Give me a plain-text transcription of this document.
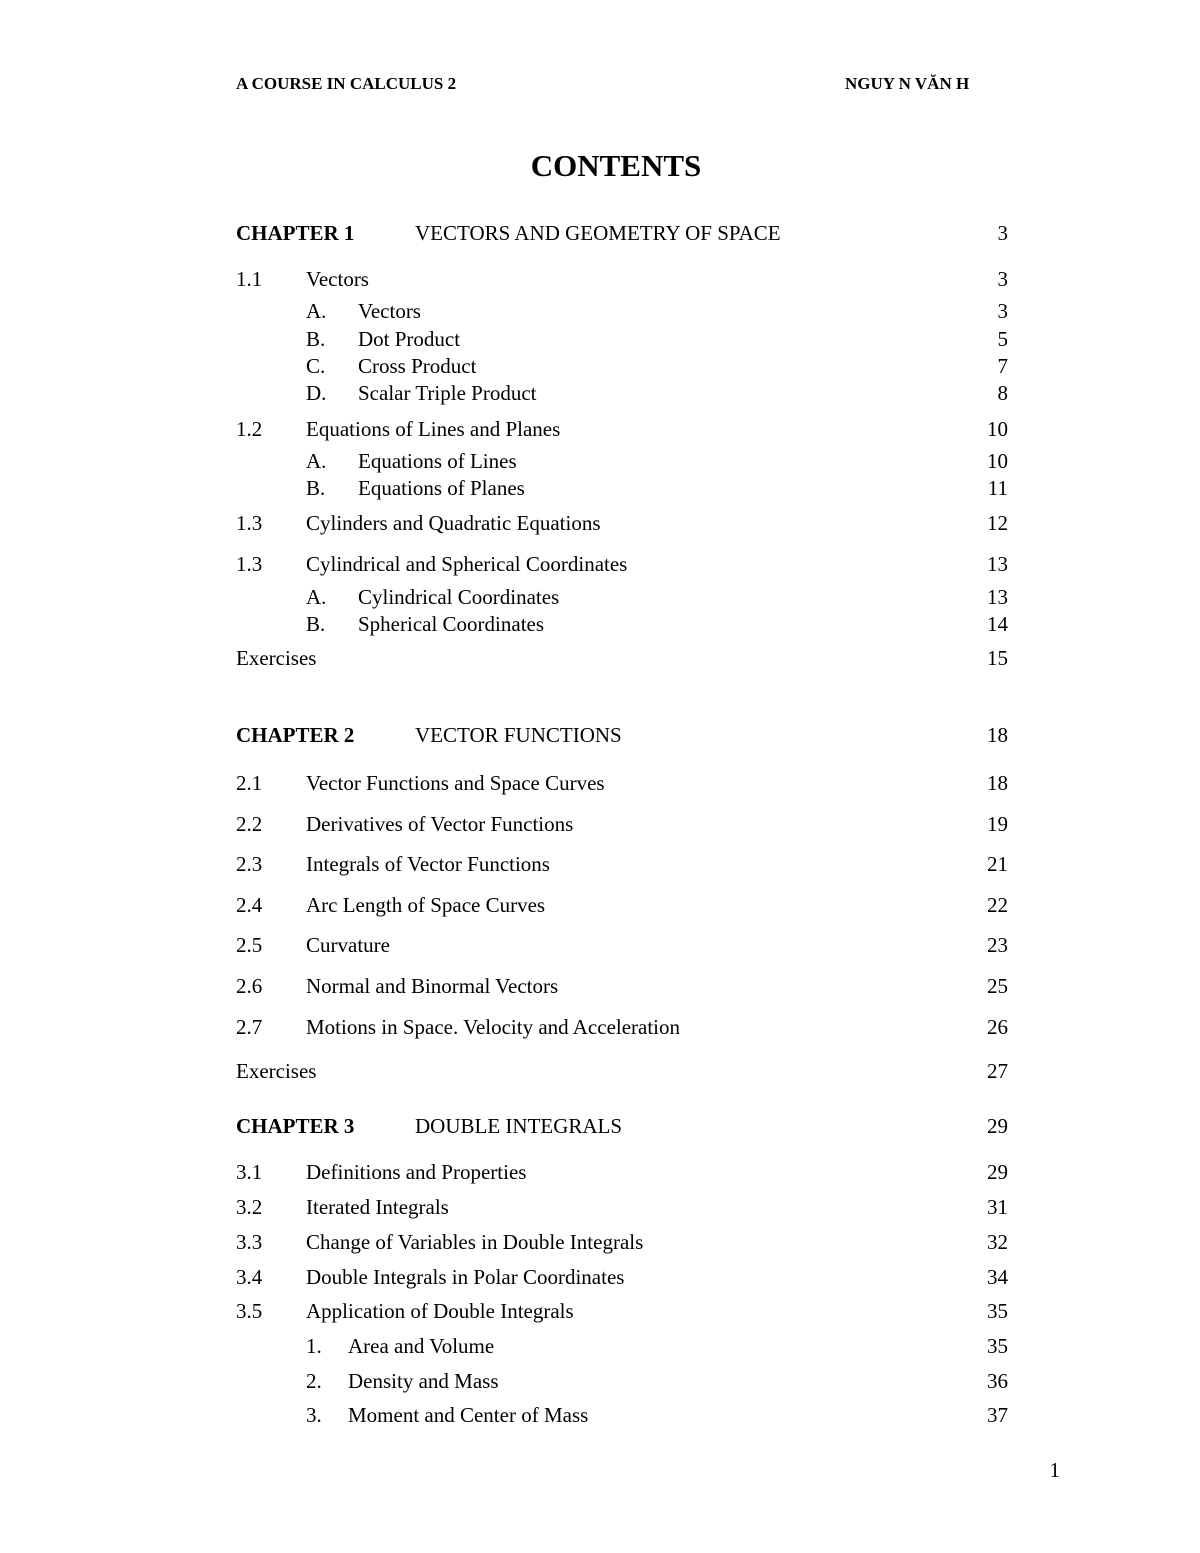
A COURSE IN CALCULUS 2	NGUY N VĂN H
CONTENTS
CHAPTER 1	VECTORS AND GEOMETRY OF SPACE	3
1.1 Vectors	3
A. Vectors	3
B. Dot Product	5
C. Cross Product	7
D. Scalar Triple Product	8
1.2 Equations of Lines and Planes	10
A. Equations of Lines	10
B. Equations of Planes	11
1.3 Cylinders and Quadratic Equations	12
1.3 Cylindrical and Spherical Coordinates	13
A. Cylindrical Coordinates	13
B. Spherical Coordinates	14
Exercises	15
CHAPTER 2	VECTOR FUNCTIONS	18
2.1 Vector Functions and Space Curves	18
2.2 Derivatives of Vector Functions	19
2.3 Integrals of Vector Functions	21
2.4 Arc Length of Space Curves	22
2.5 Curvature	23
2.6 Normal and Binormal Vectors	25
2.7 Motions in Space. Velocity and Acceleration	26
Exercises	27
CHAPTER 3	DOUBLE INTEGRALS	29
3.1 Definitions and Properties	29
3.2 Iterated Integrals	31
3.3 Change of Variables in Double Integrals	32
3.4 Double Integrals in Polar Coordinates	34
3.5 Application of Double Integrals	35
1. Area and Volume	35
2. Density and Mass	36
3. Moment and Center of Mass	37
1
